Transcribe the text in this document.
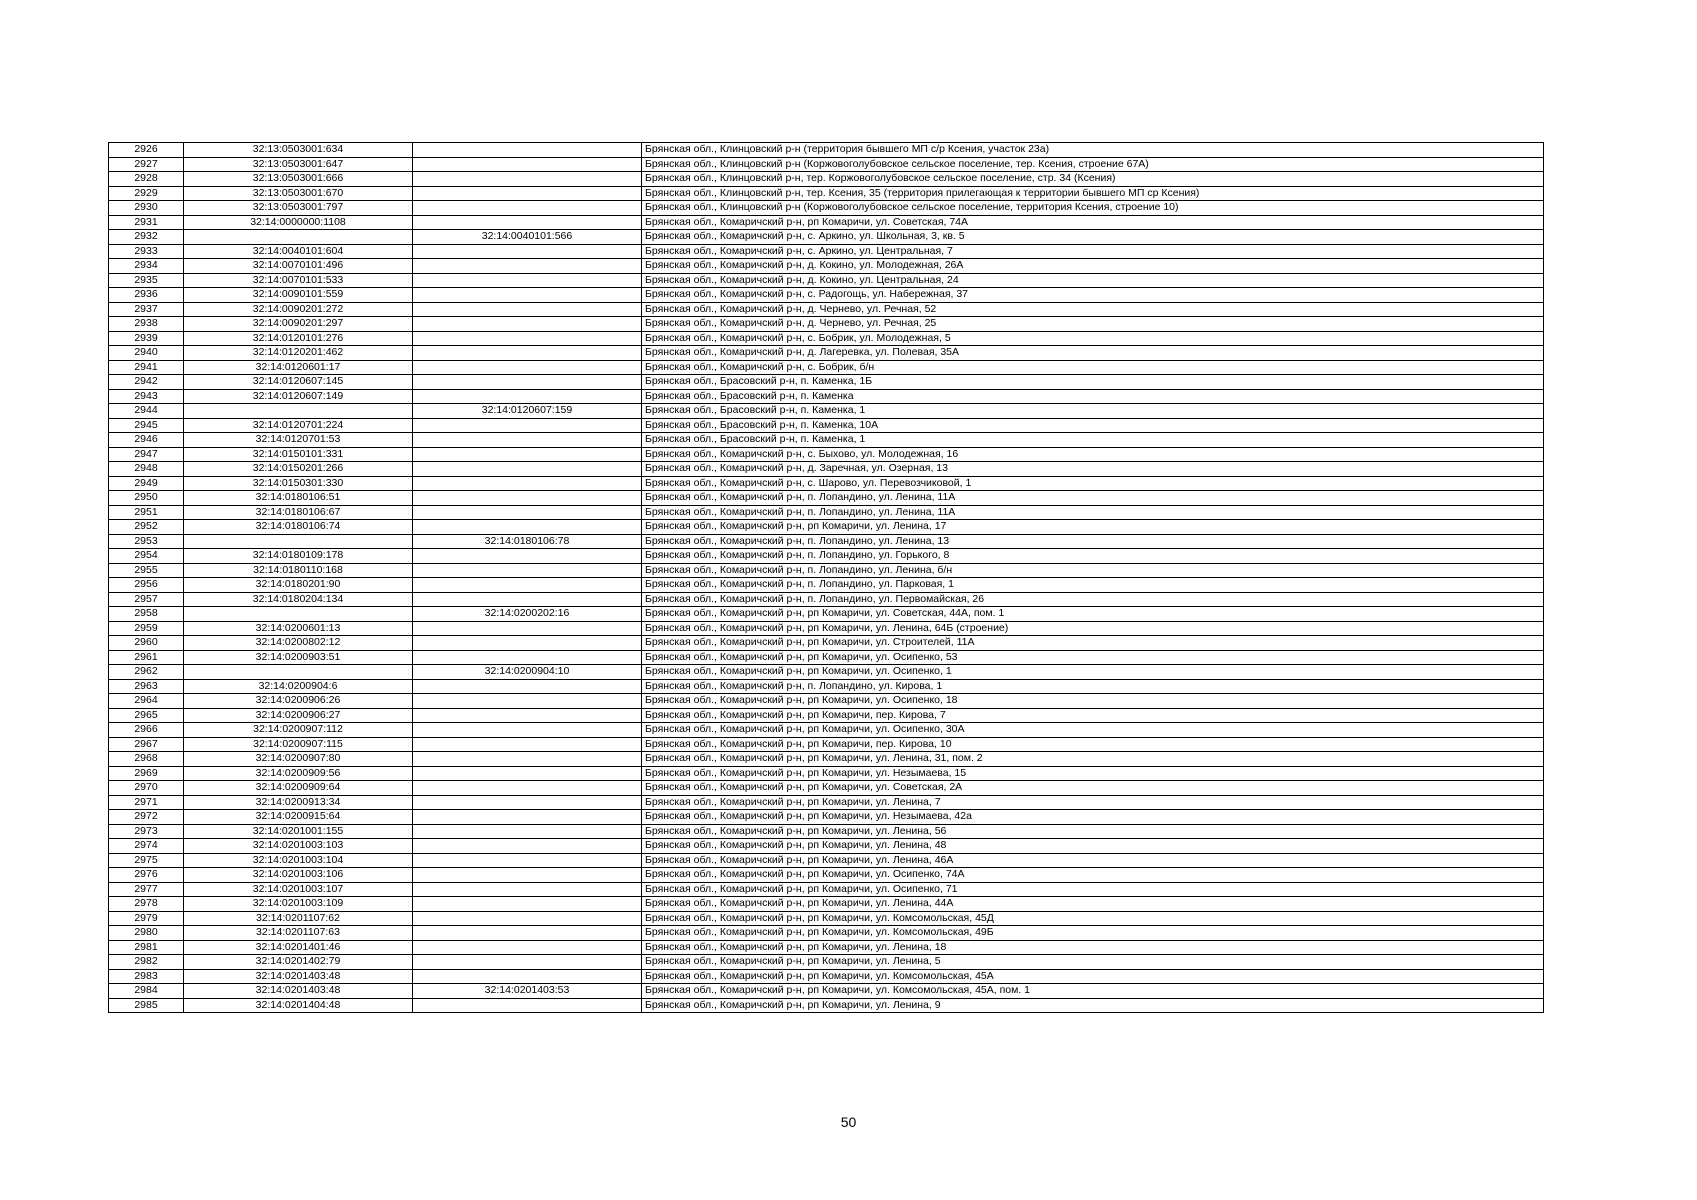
2926	32:13:0503001:634		Брянская обл., Клинцовский р-н (территория бывшего МП с/р Ксения, участок 23а)
2927	32:13:0503001:647		Брянская обл., Клинцовский р-н (Коржовоголубовское сельское поселение, тер. Ксения, строение 67А)
2928	32:13:0503001:666		Брянская обл., Клинцовский р-н, тер. Коржовоголубовское сельское поселение, стр. 34 (Ксения)
2929	32:13:0503001:670		Брянская обл., Клинцовский р-н, тер. Ксения, 35 (территория прилегающая к территории бывшего МП ср Ксения)
2930	32:13:0503001:797		Брянская обл., Клинцовский р-н (Коржовоголубовское сельское поселение, территория Ксения, строение 10)
2931	32:14:0000000:1108		Брянская обл., Комаричский р-н, рп Комаричи, ул. Советская, 74А
2932		32:14:0040101:566	Брянская обл., Комаричский р-н, с. Аркино, ул. Школьная, 3, кв. 5
2933	32:14:0040101:604		Брянская обл., Комаричский р-н, с. Аркино, ул. Центральная, 7
2934	32:14:0070101:496		Брянская обл., Комаричский р-н, д. Кокино, ул. Молодежная, 26А
2935	32:14:0070101:533		Брянская обл., Комаричский р-н, д. Кокино, ул. Центральная, 24
2936	32:14:0090101:559		Брянская обл., Комаричский р-н, с. Радогощь, ул. Набережная, 37
2937	32:14:0090201:272		Брянская обл., Комаричский р-н, д. Чернево, ул. Речная, 52
2938	32:14:0090201:297		Брянская обл., Комаричский р-н, д. Чернево, ул. Речная, 25
2939	32:14:0120101:276		Брянская обл., Комаричский р-н, с. Бобрик, ул. Молодежная, 5
2940	32:14:0120201:462		Брянская обл., Комаричский р-н, д. Лагеревка, ул. Полевая, 35А
2941	32:14:0120601:17		Брянская обл., Комаричский р-н, с. Бобрик, б/н
2942	32:14:0120607:145		Брянская обл., Брасовский р-н, п. Каменка, 1Б
2943	32:14:0120607:149		Брянская обл., Брасовский р-н, п. Каменка
2944		32:14:0120607:159	Брянская обл., Брасовский р-н, п. Каменка, 1
2945	32:14:0120701:224		Брянская обл., Брасовский р-н, п. Каменка, 10А
2946	32:14:0120701:53		Брянская обл., Брасовский р-н, п. Каменка, 1
2947	32:14:0150101:331		Брянская обл., Комаричский р-н, с. Быхово, ул. Молодежная, 16
2948	32:14:0150201:266		Брянская обл., Комаричский р-н, д. Заречная, ул. Озерная, 13
2949	32:14:0150301:330		Брянская обл., Комаричский р-н, с. Шарово, ул. Перевозчиковой, 1
2950	32:14:0180106:51		Брянская обл., Комаричский р-н, п. Лопандино, ул. Ленина, 11А
2951	32:14:0180106:67		Брянская обл., Комаричский р-н, п. Лопандино, ул. Ленина, 11А
2952	32:14:0180106:74		Брянская обл., Комаричский р-н, рп Комаричи, ул. Ленина, 17
2953		32:14:0180106:78	Брянская обл., Комаричский р-н, п. Лопандино, ул. Ленина, 13
2954	32:14:0180109:178		Брянская обл., Комаричский р-н, п. Лопандино, ул. Горького, 8
2955	32:14:0180110:168		Брянская обл., Комаричский р-н, п. Лопандино, ул. Ленина, б/н
2956	32:14:0180201:90		Брянская обл., Комаричский р-н, п. Лопандино, ул. Парковая, 1
2957	32:14:0180204:134		Брянская обл., Комаричский р-н, п. Лопандино, ул. Первомайская, 26
2958		32:14:0200202:16	Брянская обл., Комаричский р-н, рп Комаричи, ул. Советская, 44А, пом. 1
2959	32:14:0200601:13		Брянская обл., Комаричский р-н, рп Комаричи, ул. Ленина, 64Б (строение)
2960	32:14:0200802:12		Брянская обл., Комаричский р-н, рп Комаричи, ул. Строителей, 11А
2961	32:14:0200903:51		Брянская обл., Комаричский р-н, рп Комаричи, ул. Осипенко, 53
2962		32:14:0200904:10	Брянская обл., Комаричский р-н, рп Комаричи, ул. Осипенко, 1
2963	32:14:0200904:6		Брянская обл., Комаричский р-н, п. Лопандино, ул. Кирова, 1
2964	32:14:0200906:26		Брянская обл., Комаричский р-н, рп Комаричи, ул. Осипенко, 18
2965	32:14:0200906:27		Брянская обл., Комаричский р-н, рп Комаричи, пер. Кирова, 7
2966	32:14:0200907:112		Брянская обл., Комаричский р-н, рп Комаричи, ул. Осипенко, 30А
2967	32:14:0200907:115		Брянская обл., Комаричский р-н, рп Комаричи, пер. Кирова, 10
2968	32:14:0200907:80		Брянская обл., Комаричский р-н, рп Комаричи, ул. Ленина, 31, пом. 2
2969	32:14:0200909:56		Брянская обл., Комаричский р-н, рп Комаричи, ул. Незымаева, 15
2970	32:14:0200909:64		Брянская обл., Комаричский р-н, рп Комаричи, ул. Советская, 2А
2971	32:14:0200913:34		Брянская обл., Комаричский р-н, рп Комаричи, ул. Ленина, 7
2972	32:14:0200915:64		Брянская обл., Комаричский р-н, рп Комаричи, ул. Незымаева, 42а
2973	32:14:0201001:155		Брянская обл., Комаричский р-н, рп Комаричи, ул. Ленина, 56
2974	32:14:0201003:103		Брянская обл., Комаричский р-н, рп Комаричи, ул. Ленина, 48
2975	32:14:0201003:104		Брянская обл., Комаричский р-н, рп Комаричи, ул. Ленина, 46А
2976	32:14:0201003:106		Брянская обл., Комаричский р-н, рп Комаричи, ул. Осипенко, 74А
2977	32:14:0201003:107		Брянская обл., Комаричский р-н, рп Комаричи, ул. Осипенко, 71
2978	32:14:0201003:109		Брянская обл., Комаричский р-н, рп Комаричи, ул. Ленина, 44А
2979	32:14:0201107:62		Брянская обл., Комаричский р-н, рп Комаричи, ул. Комсомольская, 45Д
2980	32:14:0201107:63		Брянская обл., Комаричский р-н, рп Комаричи, ул. Комсомольская, 49Б
2981	32:14:0201401:46		Брянская обл., Комаричский р-н, рп Комаричи, ул. Ленина, 18
2982	32:14:0201402:79		Брянская обл., Комаричский р-н, рп Комаричи, ул. Ленина, 5
2983	32:14:0201403:48		Брянская обл., Комаричский р-н, рп Комаричи, ул. Комсомольская, 45А
2984	32:14:0201403:48	32:14:0201403:53	Брянская обл., Комаричский р-н, рп Комаричи, ул. Комсомольская, 45А, пом. 1
2985	32:14:0201404:48		Брянская обл., Комаричский р-н, рп Комаричи, ул. Ленина, 9
50
